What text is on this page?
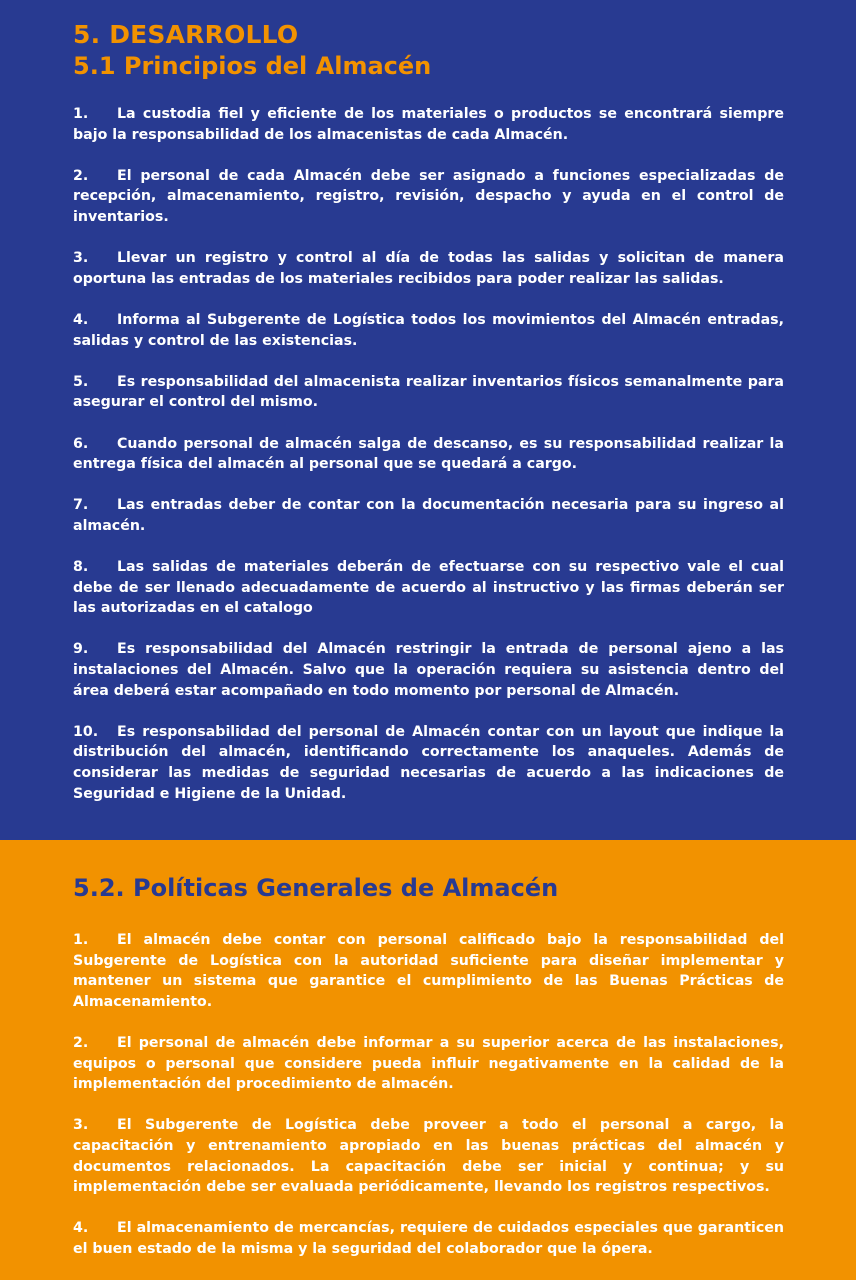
5. DESARROLLO
5.1 Principios del Almacén

1. La custodia fiel y eficiente de los materiales o productos se encontrará siempre bajo la responsabilidad de los almacenistas de cada Almacén.

2. El personal de cada Almacén debe ser asignado a funciones especializadas de recepción, almacenamiento, registro, revisión, despacho y ayuda en el control de inventarios.

3. Llevar un registro y control al día de todas las salidas y solicitan de manera oportuna las entradas de los materiales recibidos para poder realizar las salidas.

4. Informa al Subgerente de Logística todos los movimientos del Almacén entradas, salidas y control de las existencias.

5. Es responsabilidad del almacenista realizar inventarios físicos semanalmente para asegurar el control del mismo.

6. Cuando personal de almacén salga de descanso, es su responsabilidad realizar la entrega física del almacén al personal que se quedará a cargo.

7. Las entradas deber de contar con la documentación necesaria para su ingreso al almacén.

8. Las salidas de materiales deberán de efectuarse con su respectivo vale el cual debe de ser llenado adecuadamente de acuerdo al instructivo y las firmas deberán ser las autorizadas en el catalogo

9. Es responsabilidad del Almacén restringir la entrada de personal ajeno a las instalaciones del Almacén. Salvo que la operación requiera su asistencia dentro del área deberá estar acompañado en todo momento por personal de Almacén.

10. Es responsabilidad del personal de Almacén contar con un layout que indique la distribución del almacén, identificando correctamente los anaqueles. Además de considerar las medidas de seguridad necesarias de acuerdo a las indicaciones de Seguridad e Higiene de la Unidad.

5.2. Políticas Generales de Almacén

1. El almacén debe contar con personal calificado bajo la responsabilidad del Subgerente de Logística con la autoridad suficiente para diseñar implementar y mantener un sistema que garantice el cumplimiento de las Buenas Prácticas de Almacenamiento.

2. El personal de almacén debe informar a su superior acerca de las instalaciones, equipos o personal que considere pueda influir negativamente en la calidad de la implementación del procedimiento de almacén.

3. El Subgerente de Logística debe proveer a todo el personal a cargo, la capacitación y entrenamiento apropiado en las buenas prácticas del almacén y documentos relacionados. La capacitación debe ser inicial y continua; y su implementación debe ser evaluada periódicamente, llevando los registros respectivos.

4. El almacenamiento de mercancías, requiere de cuidados especiales que garanticen el buen estado de la misma y la seguridad del colaborador que la ópera.
